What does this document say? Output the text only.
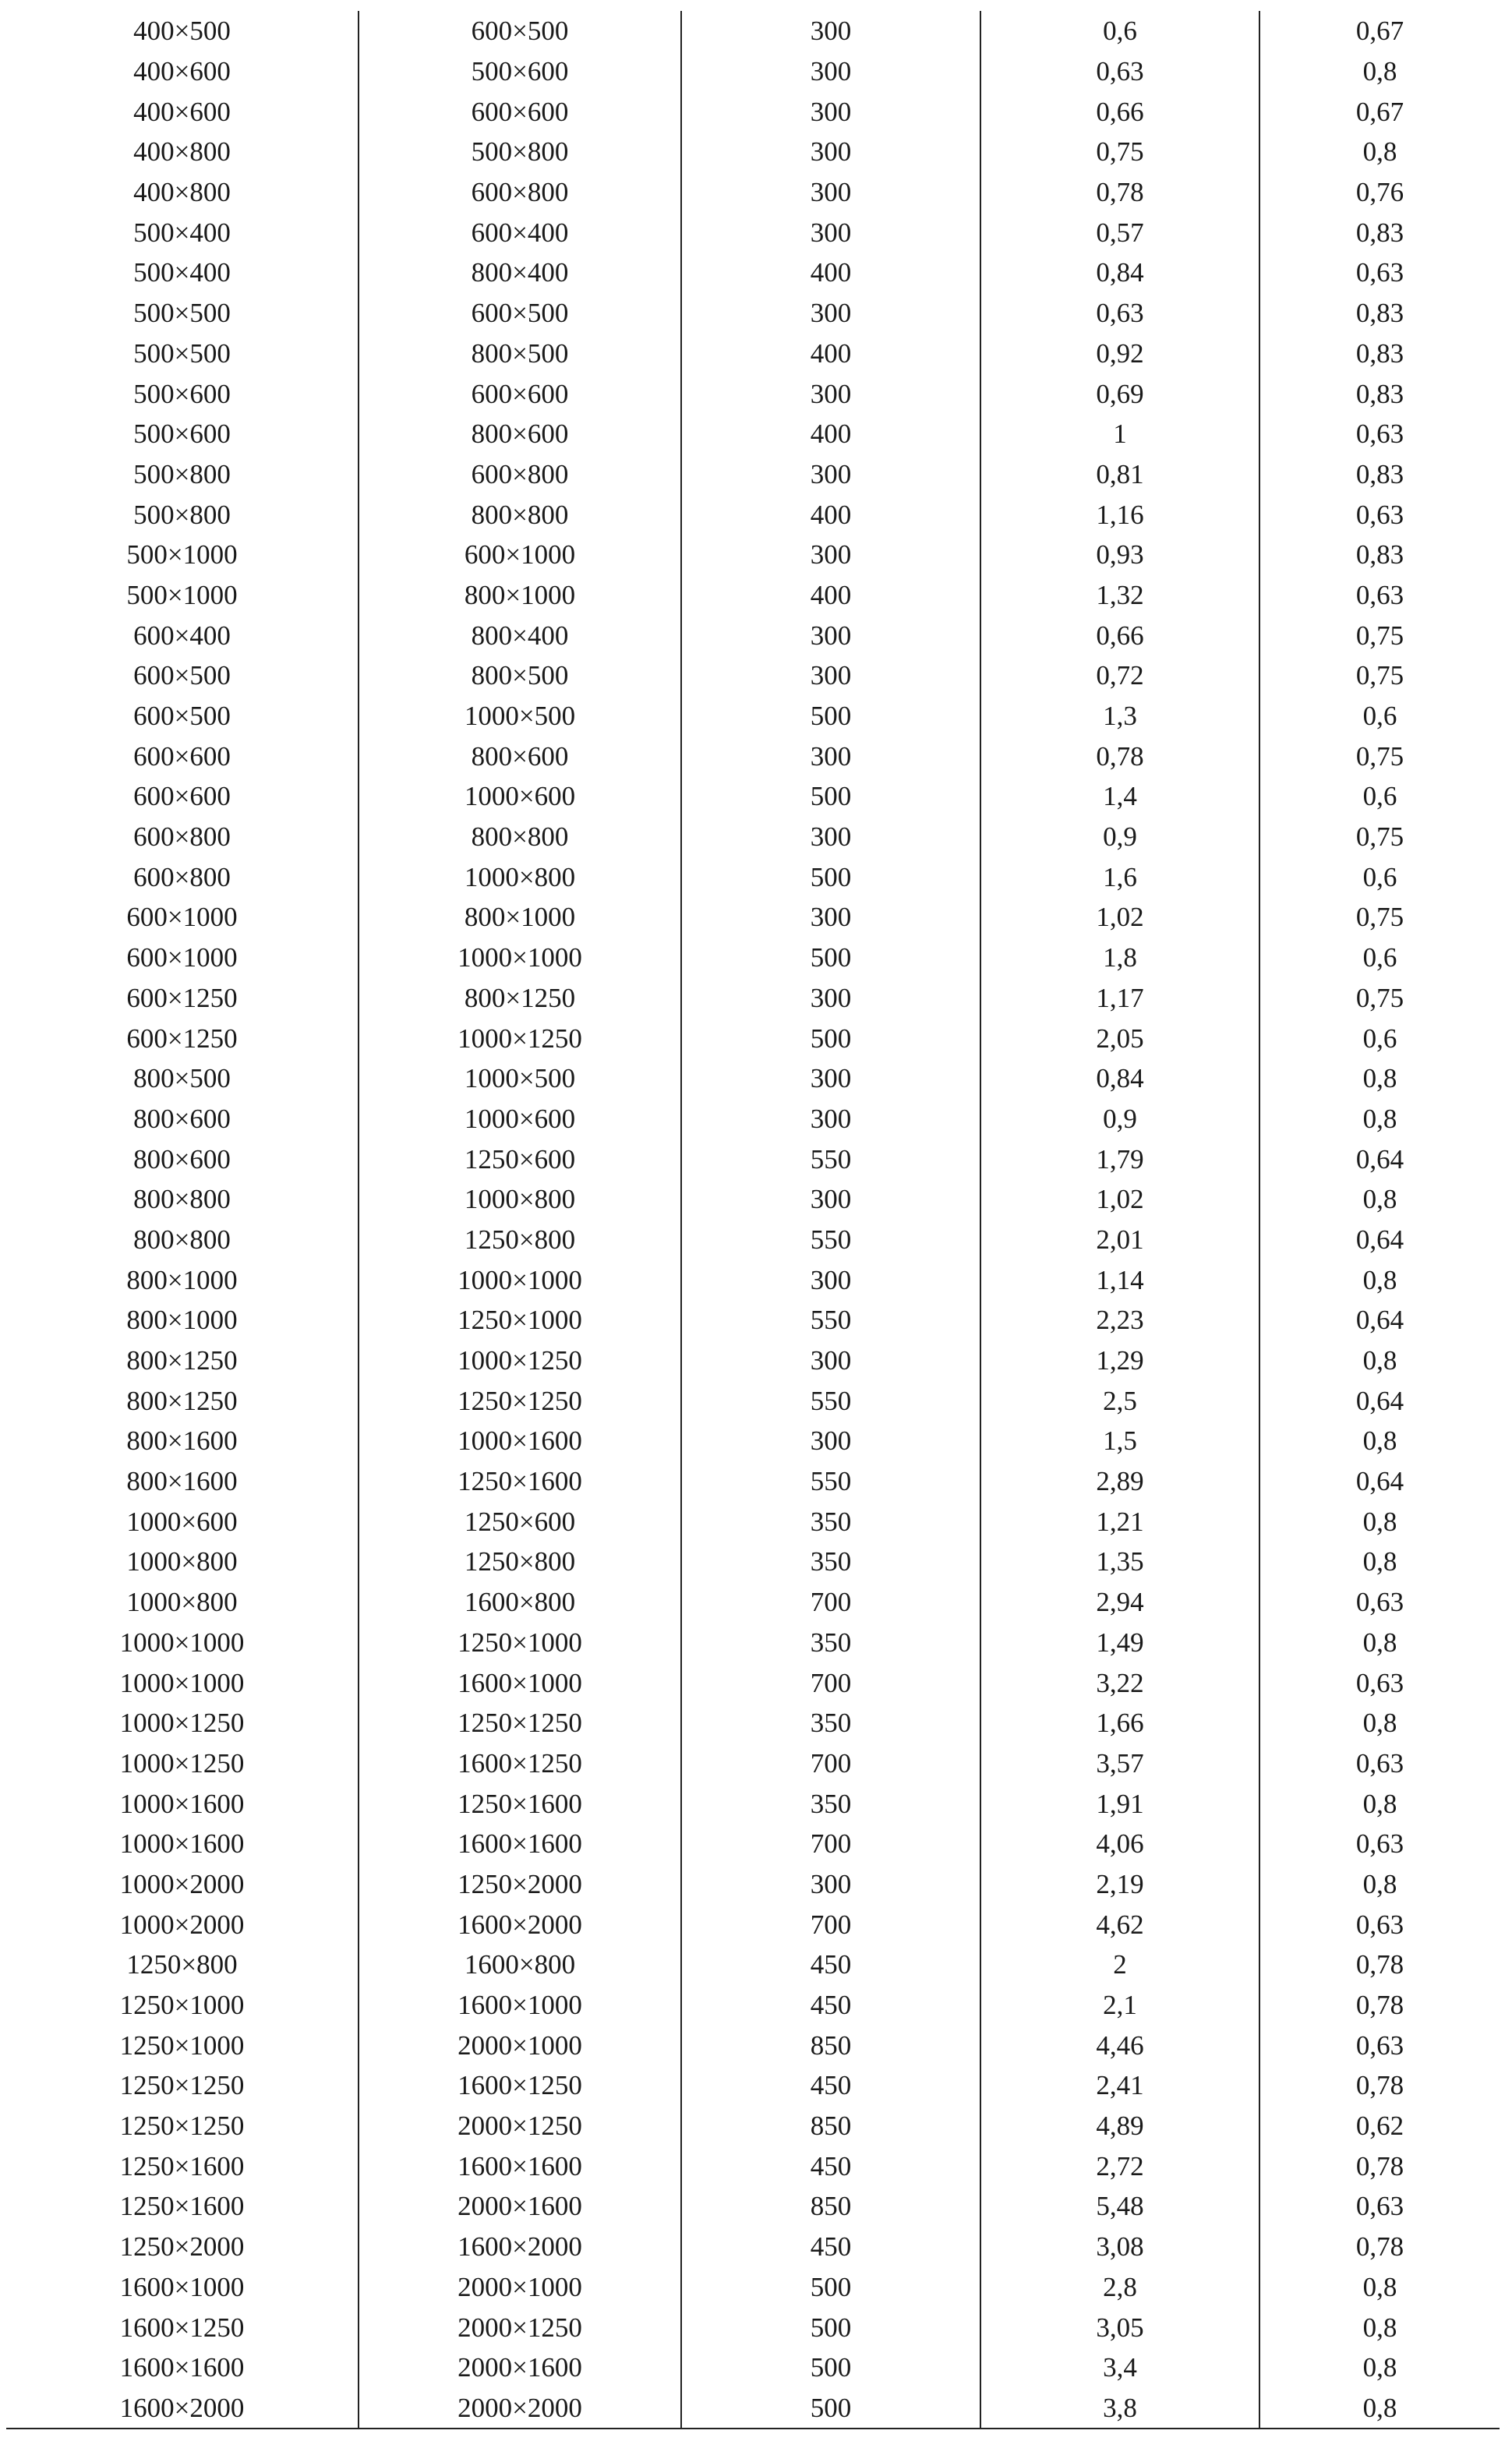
400×500	600×500	300	0,6	0,67
400×600	500×600	300	0,63	0,8
400×600	600×600	300	0,66	0,67
400×800	500×800	300	0,75	0,8
400×800	600×800	300	0,78	0,76
500×400	600×400	300	0,57	0,83
500×400	800×400	400	0,84	0,63
500×500	600×500	300	0,63	0,83
500×500	800×500	400	0,92	0,83
500×600	600×600	300	0,69	0,83
500×600	800×600	400	1	0,63
500×800	600×800	300	0,81	0,83
500×800	800×800	400	1,16	0,63
500×1000	600×1000	300	0,93	0,83
500×1000	800×1000	400	1,32	0,63
600×400	800×400	300	0,66	0,75
600×500	800×500	300	0,72	0,75
600×500	1000×500	500	1,3	0,6
600×600	800×600	300	0,78	0,75
600×600	1000×600	500	1,4	0,6
600×800	800×800	300	0,9	0,75
600×800	1000×800	500	1,6	0,6
600×1000	800×1000	300	1,02	0,75
600×1000	1000×1000	500	1,8	0,6
600×1250	800×1250	300	1,17	0,75
600×1250	1000×1250	500	2,05	0,6
800×500	1000×500	300	0,84	0,8
800×600	1000×600	300	0,9	0,8
800×600	1250×600	550	1,79	0,64
800×800	1000×800	300	1,02	0,8
800×800	1250×800	550	2,01	0,64
800×1000	1000×1000	300	1,14	0,8
800×1000	1250×1000	550	2,23	0,64
800×1250	1000×1250	300	1,29	0,8
800×1250	1250×1250	550	2,5	0,64
800×1600	1000×1600	300	1,5	0,8
800×1600	1250×1600	550	2,89	0,64
1000×600	1250×600	350	1,21	0,8
1000×800	1250×800	350	1,35	0,8
1000×800	1600×800	700	2,94	0,63
1000×1000	1250×1000	350	1,49	0,8
1000×1000	1600×1000	700	3,22	0,63
1000×1250	1250×1250	350	1,66	0,8
1000×1250	1600×1250	700	3,57	0,63
1000×1600	1250×1600	350	1,91	0,8
1000×1600	1600×1600	700	4,06	0,63
1000×2000	1250×2000	300	2,19	0,8
1000×2000	1600×2000	700	4,62	0,63
1250×800	1600×800	450	2	0,78
1250×1000	1600×1000	450	2,1	0,78
1250×1000	2000×1000	850	4,46	0,63
1250×1250	1600×1250	450	2,41	0,78
1250×1250	2000×1250	850	4,89	0,62
1250×1600	1600×1600	450	2,72	0,78
1250×1600	2000×1600	850	5,48	0,63
1250×2000	1600×2000	450	3,08	0,78
1600×1000	2000×1000	500	2,8	0,8
1600×1250	2000×1250	500	3,05	0,8
1600×1600	2000×1600	500	3,4	0,8
1600×2000	2000×2000	500	3,8	0,8
